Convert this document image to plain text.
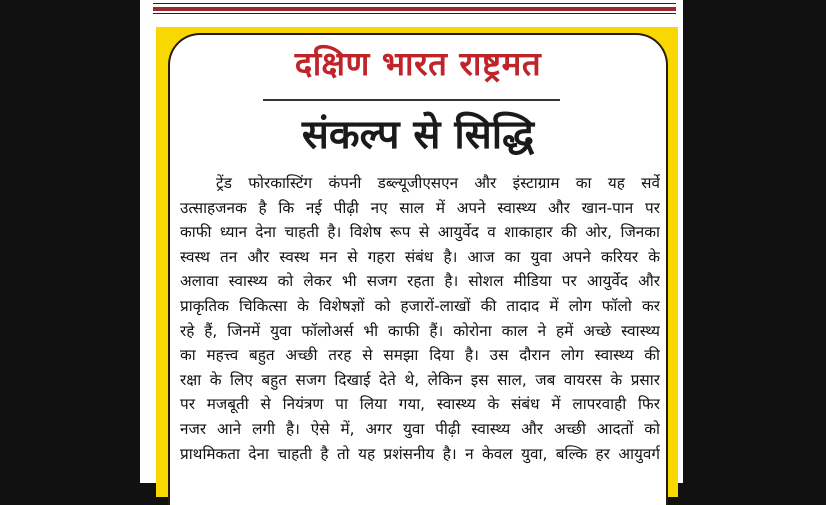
दक्षिण भारत राष्ट्रमत
संकल्प से सिद्धि
ट्रेंड फोरकास्टिंग कंपनी डब्ल्यूजीएसएन और इंस्टाग्राम का यह सर्वे
उत्साहजनक है कि नई पीढ़ी नए साल में अपने स्वास्थ्य और खान-पान पर
काफी ध्यान देना चाहती है। विशेष रूप से आयुर्वेद व शाकाहार की ओर, जिनका
स्वस्थ तन और स्वस्थ मन से गहरा संबंध है। आज का युवा अपने करियर के
अलावा स्वास्थ्य को लेकर भी सजग रहता है। सोशल मीडिया पर आयुर्वेद और
प्राकृतिक चिकित्सा के विशेषज्ञों को हजारों-लाखों की तादाद में लोग फॉलो कर
रहे हैं, जिनमें युवा फॉलोअर्स भी काफी हैं। कोरोना काल ने हमें अच्छे स्वास्थ्य
का महत्त्व बहुत अच्छी तरह से समझा दिया है। उस दौरान लोग स्वास्थ्य की
रक्षा के लिए बहुत सजग दिखाई देते थे, लेकिन इस साल, जब वायरस के प्रसार
पर मजबूती से नियंत्रण पा लिया गया, स्वास्थ्य के संबंध में लापरवाही फिर
नजर आने लगी है। ऐसे में, अगर युवा पीढ़ी स्वास्थ्य और अच्छी आदतों को
प्राथमिकता देना चाहती है तो यह प्रशंसनीय है। न केवल युवा, बल्कि हर आयुवर्ग
